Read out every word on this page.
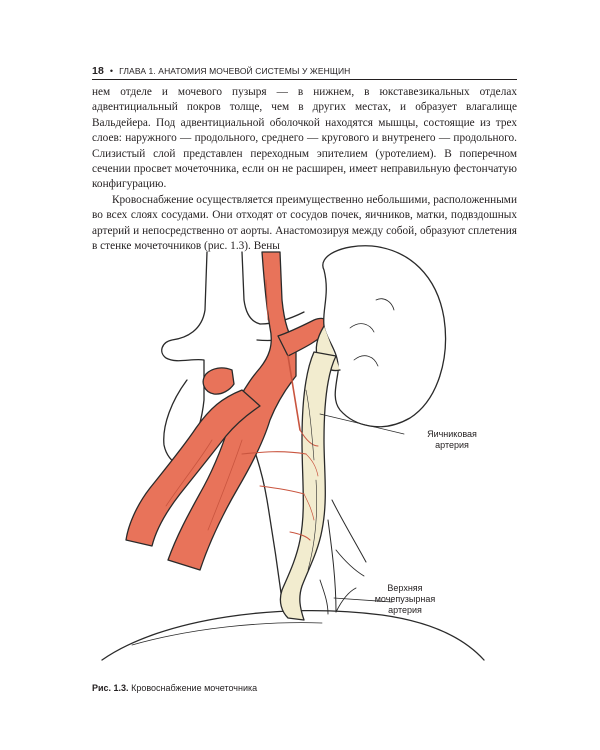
18 • ГЛАВА 1. АНАТОМИЯ МОЧЕВОЙ СИСТЕМЫ У ЖЕНЩИН

нем отделе и мочевого пузыря — в нижнем, в юкставезикальных отделах адвентициальный покров толще, чем в других местах, и образует влагалище Вальдейера. Под адвентициальной оболочкой находятся мышцы, состоящие из трех слоев: наружного — продольного, среднего — кругового и внутренего — продольного. Слизистый слой представлен переходным эпителием (уротелием). В поперечном сечении просвет мочеточника, если он не расширен, имеет неправильную фестончатую конфигурацию.

Кровоснабжение осуществляется преимущественно небольшими, расположенными во всех слоях сосудами. Они отходят от сосудов почек, яичников, матки, подвздошных артерий и непосредственно от аорты. Анастомозируя между собой, образуют сплетения в стенке мочеточников (рис. 1.3). Вены

Яичниковая
артерия
Верхняя
мочепузырная
артерия
Рис. 1.3. Кровоснабжение мочеточника
